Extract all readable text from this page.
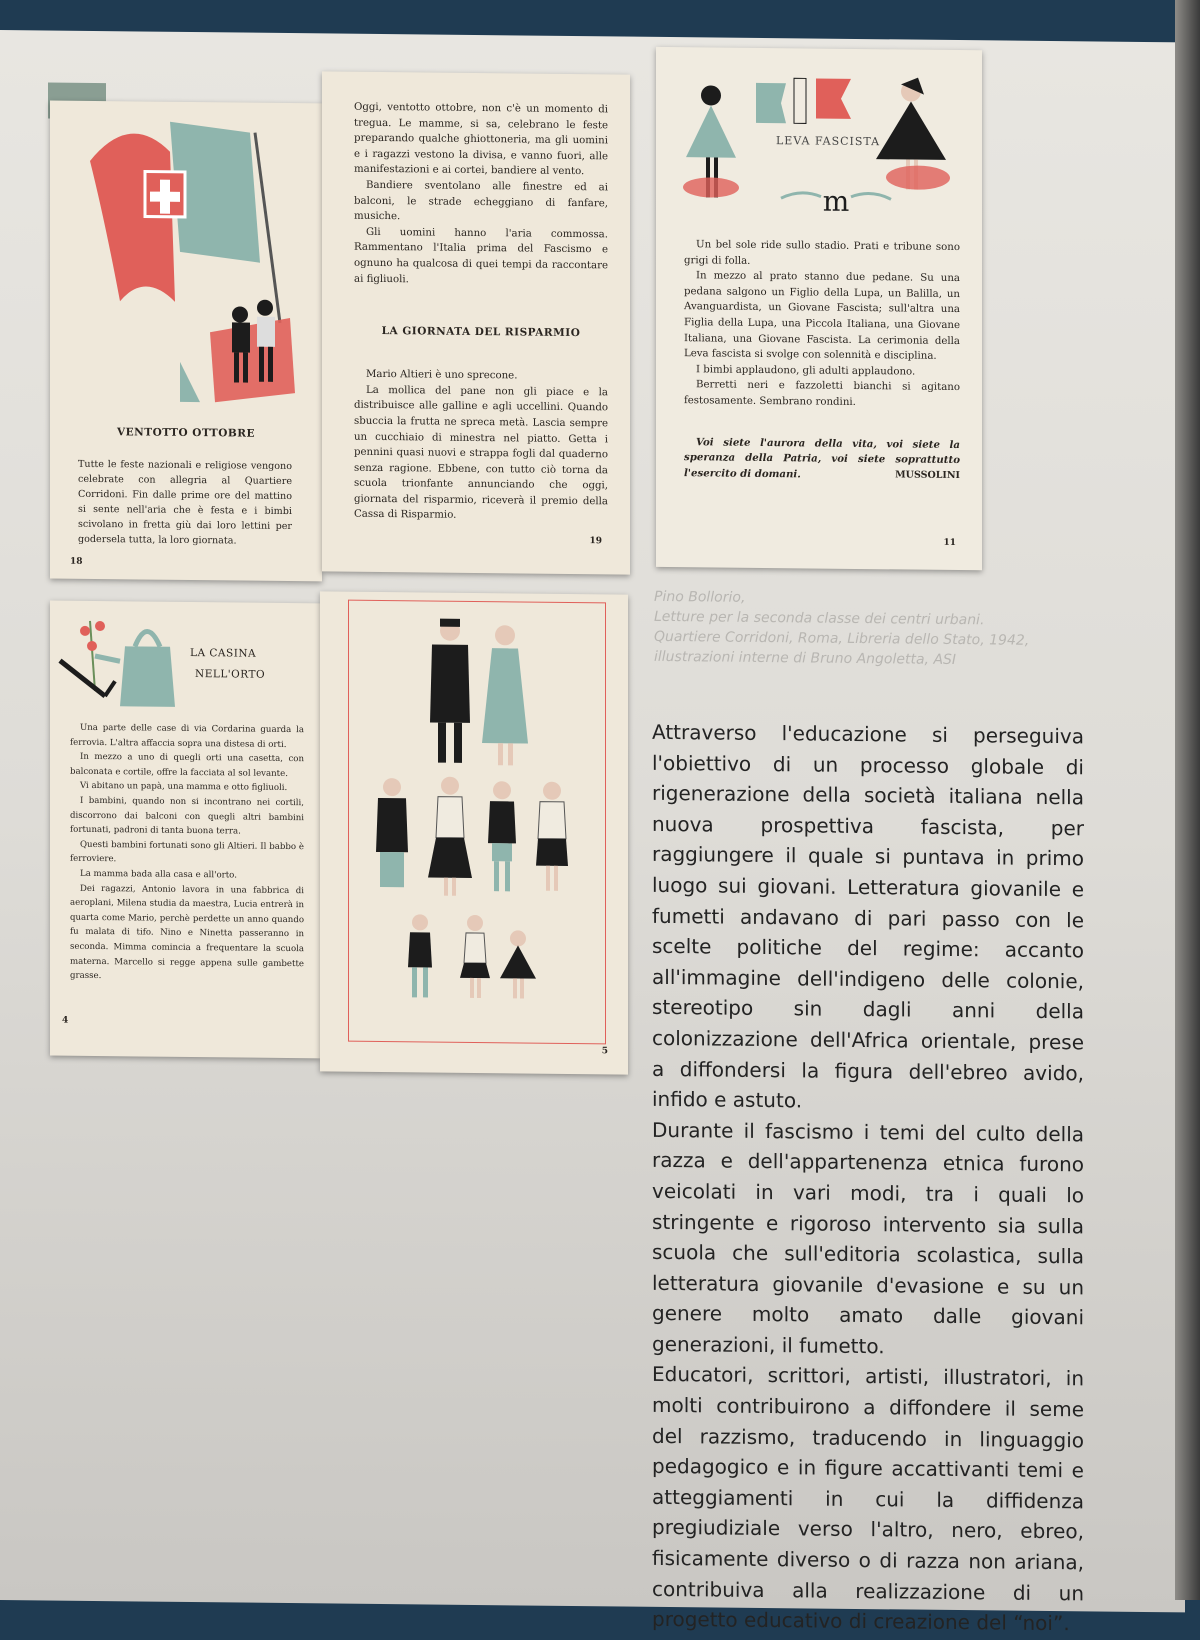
VENTOTTO OTTOBRE

Tutte le feste nazionali e religiose vengono celebrate con allegria al Quartiere Corridoni. Fin dalle prime ore del mattino si sente nell'aria che è festa e i bimbi scivolano in fretta giù dai loro lettini per godersela tutta, la loro giornata.

18

Oggi, ventotto ottobre, non c'è un momento di tregua. Le mamme, si sa, celebrano le feste preparando qualche ghiottoneria, ma gli uomini e i ragazzi vestono la divisa, e vanno fuori, alle manifestazioni e ai cortei, bandiere al vento.

Bandiere sventolano alle finestre ed ai balconi, le strade echeggiano di fanfare, musiche.

Gli uomini hanno l'aria commossa. Rammentano l'Italia prima del Fascismo e ognuno ha qualcosa di quei tempi da raccontare ai figliuoli.

LA GIORNATA DEL RISPARMIO

Mario Altieri è uno sprecone.

La mollica del pane non gli piace e la distribuisce alle galline e agli uccellini. Quando sbuccia la frutta ne spreca metà. Lascia sempre un cucchiaio di minestra nel piatto. Getta i pennini quasi nuovi e strappa fogli dal quaderno senza ragione. Ebbene, con tutto ciò torna da scuola trionfante annunciando che oggi, giornata del risparmio, riceverà il premio della Cassa di Risparmio.

19
m
LEVA FASCISTA

Un bel sole ride sullo stadio. Prati e tribune sono grigi di folla.

In mezzo al prato stanno due pedane. Su una pedana salgono un Figlio della Lupa, un Balilla, un Avanguardista, un Giovane Fascista; sull'altra una Figlia della Lupa, una Piccola Italiana, una Giovane Italiana, una Giovane Fascista. La cerimonia della Leva fascista si svolge con solennità e disciplina.

I bimbi applaudono, gli adulti applaudono.

Berretti neri e fazzoletti bianchi si agitano festosamente. Sembrano rondini.

Voi siete l'aurora della vita, voi siete la speranza della Patria, voi siete soprattutto l'esercito di domani.	MUSSOLINI
11
LA CASINA
NELL'ORTO

Una parte delle case di via Cordarina guarda la ferrovia. L'altra affaccia sopra una distesa di orti.

In mezzo a uno di quegli orti una casetta, con balconata e cortile, offre la facciata al sol levante.

Vi abitano un papà, una mamma e otto figliuoli.

I bambini, quando non si incontrano nei cortili, discorrono dai balconi con quegli altri bambini fortunati, padroni di tanta buona terra.

Questi bambini fortunati sono gli Altieri. Il babbo è ferroviere.

La mamma bada alla casa e all'orto.

Dei ragazzi, Antonio lavora in una fabbrica di aeroplani, Milena studia da maestra, Lucia entrerà in quarta come Mario, perchè perdette un anno quando fu malata di tifo. Nino e Ninetta passeranno in seconda. Mimma comincia a frequentare la scuola materna. Marcello si regge appena sulle gambette grasse.

4
5
Pino Bollorio,
Letture per la seconda classe dei centri urbani.
Quartiere Corridoni, Roma, Libreria dello Stato, 1942,
illustrazioni interne di Bruno Angoletta, ASI

Attraverso l'educazione si perseguiva l'obiettivo di un processo globale di rigenerazione della società italiana nella nuova prospettiva fascista, per raggiungere il quale si puntava in primo luogo sui giovani. Letteratura giovanile e fumetti andavano di pari passo con le scelte politiche del regime: accanto all'immagine dell'indigeno delle colonie, stereotipo sin dagli anni della colonizzazione dell'Africa orientale, prese a diffondersi la figura dell'ebreo avido, infido e astuto.

Durante il fascismo i temi del culto della razza e dell'appartenenza etnica furono veicolati in vari modi, tra i quali lo stringente e rigoroso intervento sia sulla scuola che sull'editoria scolastica, sulla letteratura giovanile d'evasione e su un genere molto amato dalle giovani generazioni, il fumetto.

Educatori, scrittori, artisti, illustratori, in molti contribuirono a diffondere il seme del razzismo, traducendo in linguaggio pedagogico e in figure accattivanti temi e atteggiamenti in cui la diffidenza pregiudiziale verso l'altro, nero, ebreo, fisicamente diverso o di razza non ariana, contribuiva alla realizzazione di un progetto educativo di creazione del “noi”.
